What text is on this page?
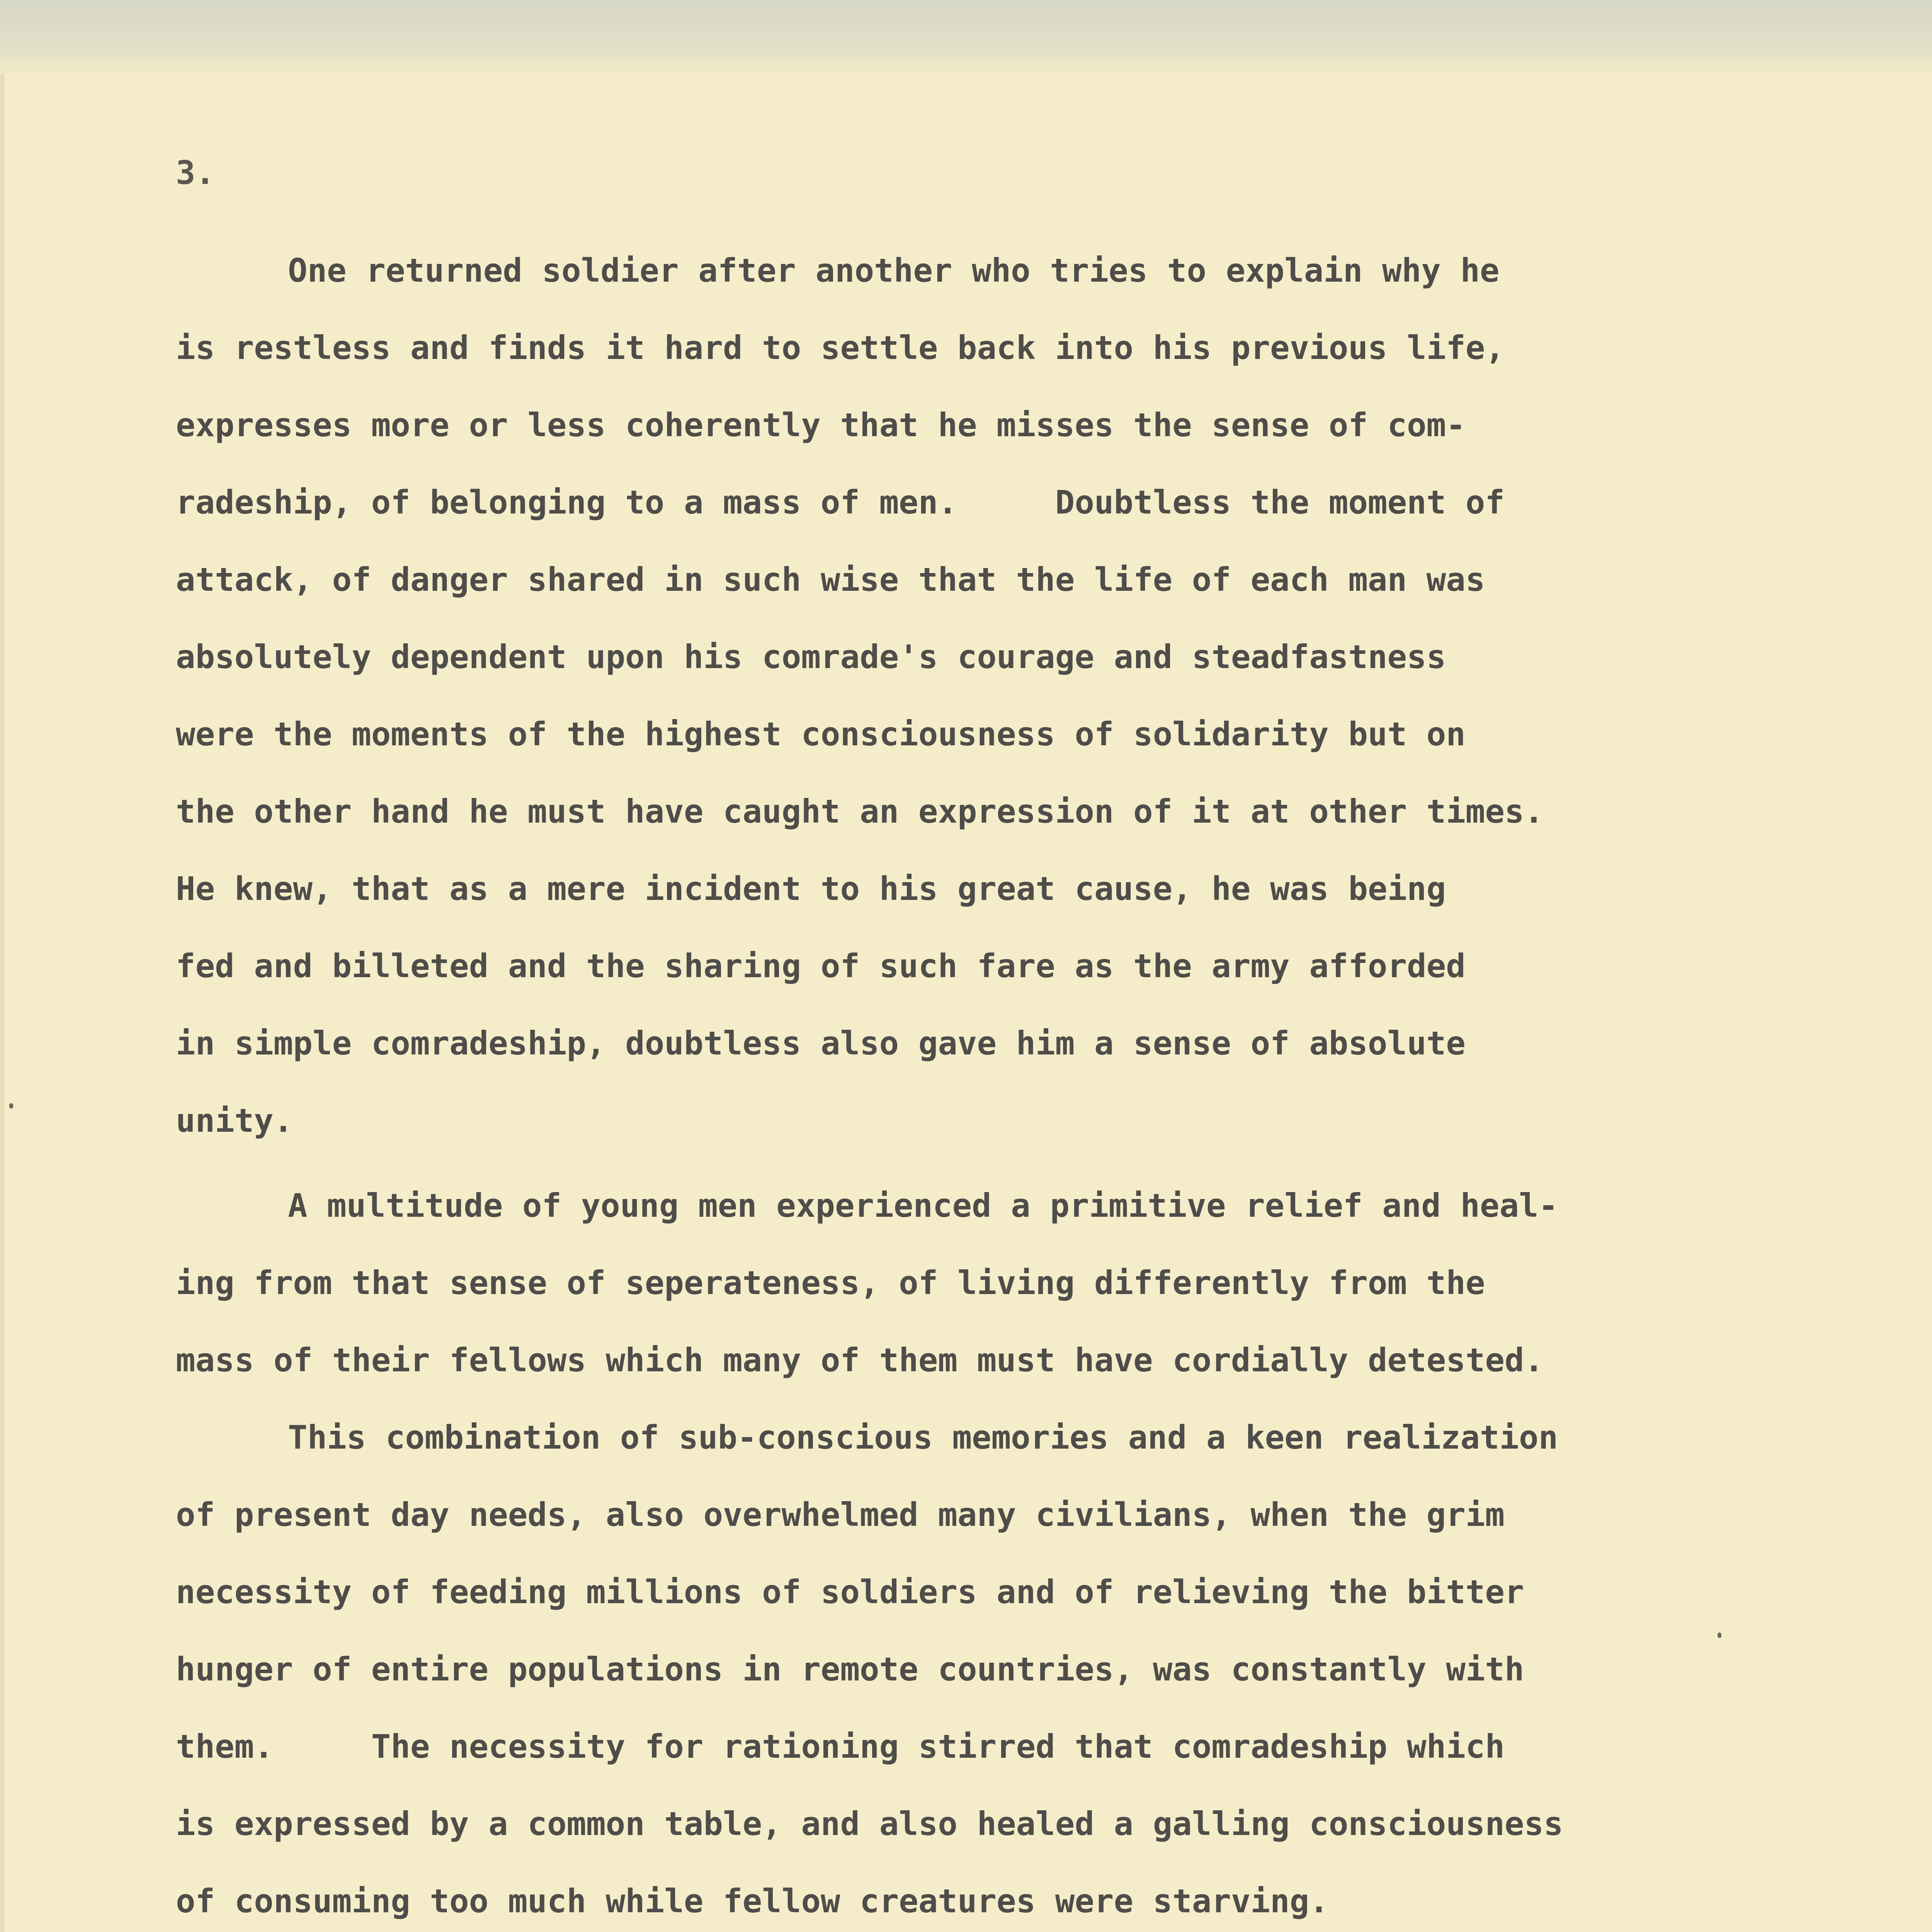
3.
One returned soldier after another who tries to explain why he
is restless and finds it hard to settle back into his previous life,
expresses more or less coherently that he misses the sense of com-
radeship, of belonging to a mass of men.     Doubtless the moment of
attack, of danger shared in such wise that the life of each man was
absolutely dependent upon his comrade's courage and steadfastness
were the moments of the highest consciousness of solidarity but on
the other hand he must have caught an expression of it at other times.
He knew, that as a mere incident to his great cause, he was being
fed and billeted and the sharing of such fare as the army afforded
in simple comradeship, doubtless also gave him a sense of absolute
unity.
A multitude of young men experienced a primitive relief and heal-
ing from that sense of seperateness, of living differently from the
mass of their fellows which many of them must have cordially detested.
This combination of sub-conscious memories and a keen realization
of present day needs, also overwhelmed many civilians, when the grim
necessity of feeding millions of soldiers and of relieving the bitter
hunger of entire populations in remote countries, was constantly with
them.     The necessity for rationing stirred that comradeship which
is expressed by a common table, and also healed a galling consciousness
of consuming too much while fellow creatures were starving.
